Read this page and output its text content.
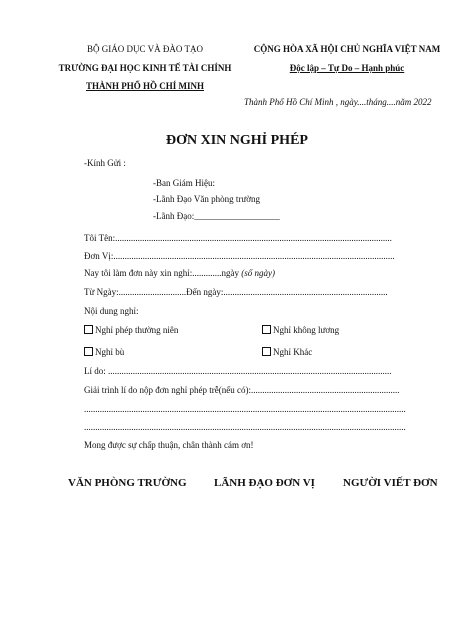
BỘ GIÁO DỤC VÀ ĐÀO TẠO
TRƯỜNG ĐẠI HỌC KINH TẾ TÀI CHÍNH
THÀNH PHỐ HỒ CHÍ MINH
CỘNG HÒA XÃ HỘI CHỦ NGHĨA VIỆT NAM
Độc lập – Tự Do – Hạnh phúc
Thành Phố Hồ Chí Minh , ngày....tháng....năm 2022
ĐƠN XIN NGHỈ PHÉP
-Kính Gửi :
-Ban Giám Hiệu:
-Lãnh Đạo Văn phòng trường
-Lãnh Đạo:___________________
Tôi Tên:...........................................................................................................................
Đơn Vị:.............................................................................................................................
Nay tôi làm đơn này xin nghỉ:.............ngày (số ngày)
Từ Ngày:..............................Đến ngày:.........................................................................
Nội dung nghỉ:
Nghỉ phép thường niên	Nghỉ không lương
Nghỉ bù	Nghỉ Khác
Lí do: ..............................................................................................................................
Giải trình lí do nộp đơn nghỉ phép trễ(nếu có):..................................................................
...............................................................................................................................................
...............................................................................................................................................
Mong được sự chấp thuận, chân thành cám ơn!
VĂN PHÒNG TRƯỜNG LÃNH ĐẠO ĐƠN VỊ	NGƯỜI VIẾT ĐƠN
